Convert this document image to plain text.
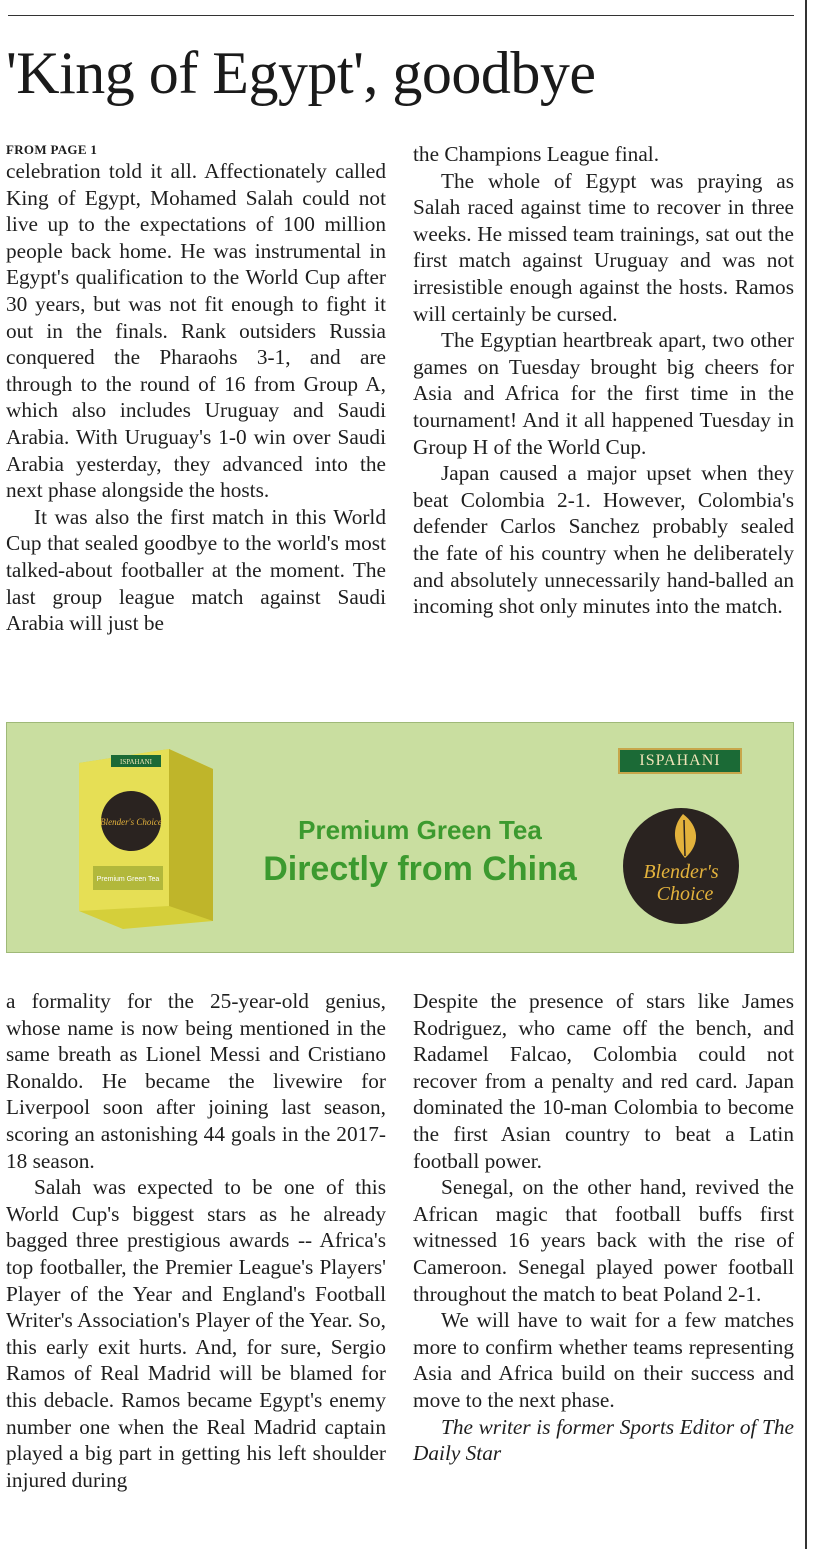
'King of Egypt', goodbye
FROM PAGE 1

celebration told it all. Affectionately called King of Egypt, Mohamed Salah could not live up to the expectations of 100 million people back home. He was instrumental in Egypt's qualification to the World Cup after 30 years, but was not fit enough to fight it out in the finals. Rank outsiders Russia conquered the Pharaohs 3-1, and are through to the round of 16 from Group A, which also includes Uruguay and Saudi Arabia. With Uruguay's 1-0 win over Saudi Arabia yesterday, they advanced into the next phase alongside the hosts.

It was also the first match in this World Cup that sealed goodbye to the world's most talked-about footballer at the moment. The last group league match against Saudi Arabia will just be

the Champions League final.

The whole of Egypt was praying as Salah raced against time to recover in three weeks. He missed team trainings, sat out the first match against Uruguay and was not irresistible enough against the hosts. Ramos will certainly be cursed.

The Egyptian heartbreak apart, two other games on Tuesday brought big cheers for Asia and Africa for the first time in the tournament! And it all happened Tuesday in Group H of the World Cup.

Japan caused a major upset when they beat Colombia 2-1. However, Colombia's defender Carlos Sanchez probably sealed the fate of his country when he deliberately and absolutely unnecessarily hand-balled an incoming shot only minutes into the match.

ISPAHANI
Blender's Choice
Premium Green Tea
Premium Green Tea
Directly from China
ISPAHANI
Blender's
Choice

a formality for the 25-year-old genius, whose name is now being mentioned in the same breath as Lionel Messi and Cristiano Ronaldo. He became the livewire for Liverpool soon after joining last season, scoring an astonishing 44 goals in the 2017-18 season.

Salah was expected to be one of this World Cup's biggest stars as he already bagged three prestigious awards -- Africa's top footballer, the Premier League's Players' Player of the Year and England's Football Writer's Association's Player of the Year. So, this early exit hurts. And, for sure, Sergio Ramos of Real Madrid will be blamed for this debacle. Ramos became Egypt's enemy number one when the Real Madrid captain played a big part in getting his left shoulder injured during

Despite the presence of stars like James Rodriguez, who came off the bench, and Radamel Falcao, Colombia could not recover from a penalty and red card. Japan dominated the 10-man Colombia to become the first Asian country to beat a Latin football power.

Senegal, on the other hand, revived the African magic that football buffs first witnessed 16 years back with the rise of Cameroon. Senegal played power football throughout the match to beat Poland 2-1.

We will have to wait for a few matches more to confirm whether teams representing Asia and Africa build on their success and move to the next phase.

The writer is former Sports Editor of The Daily Star
